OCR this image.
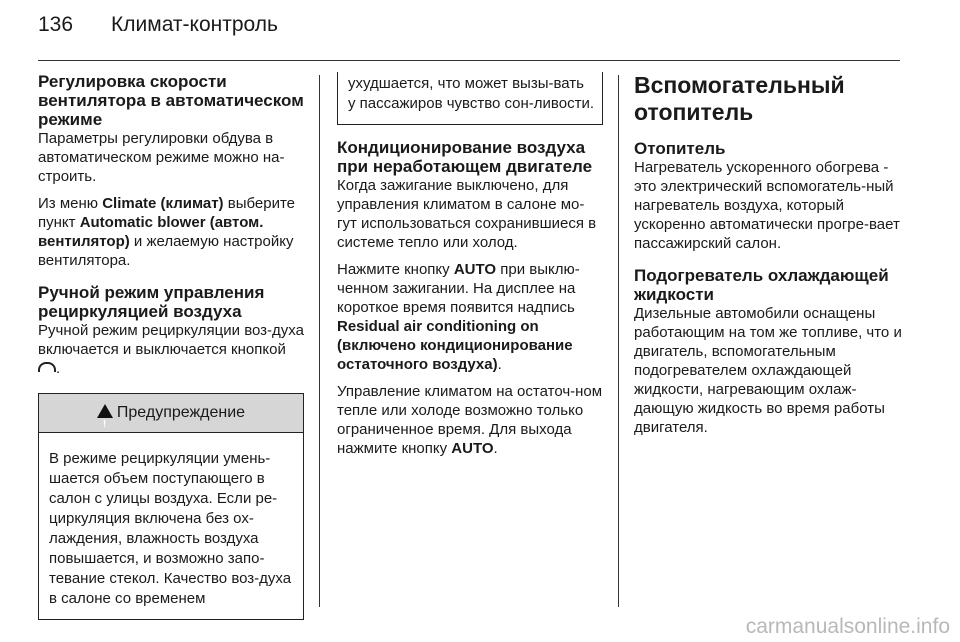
136 Климат-контроль
Регулировка скорости вентилятора в автоматическом режиме

Параметры регулировки обдува в автоматическом режиме можно на-строить.

Из меню Climate (климат) выберите пункт Automatic blower (автом. вентилятор) и желаемую настройку вентилятора.

Ручной режим управления рециркуляцией воздуха

Ручной режим рециркуляции воз-духа включается и выключается кнопкой .

!Предупреждение
В режиме рециркуляции умень-шается объем поступающего в салон с улицы воздуха. Если ре-циркуляция включена без ох-лаждения, влажность воздуха повышается, и возможно запо-тевание стекол. Качество воз-духа в салоне со временем
ухудшается, что может вызы-вать у пассажиров чувство сон-ливости.
Кондиционирование воздуха при неработающем двигателе

Когда зажигание выключено, для управления климатом в салоне мо-гут использоваться сохранившиеся в системе тепло или холод.

Нажмите кнопку AUTO при выклю-ченном зажигании. На дисплее на короткое время появится надпись Residual air conditioning on (включено кондиционирование остаточного воздуха).

Управление климатом на остаточ-ном тепле или холоде возможно только ограниченное время. Для выхода нажмите кнопку AUTO.

Вспомогательный отопитель
Отопитель

Нагреватель ускоренного обогрева - это электрический вспомогатель-ный нагреватель воздуха, который ускоренно автоматически прогре-вает пассажирский салон.

Подогреватель охлаждающей жидкости

Дизельные автомобили оснащены работающим на том же топливе, что и двигатель, вспомогательным подогревателем охлаждающей жидкости, нагревающим охлаж-дающую жидкость во время работы двигателя.

carmanualsonline.info
